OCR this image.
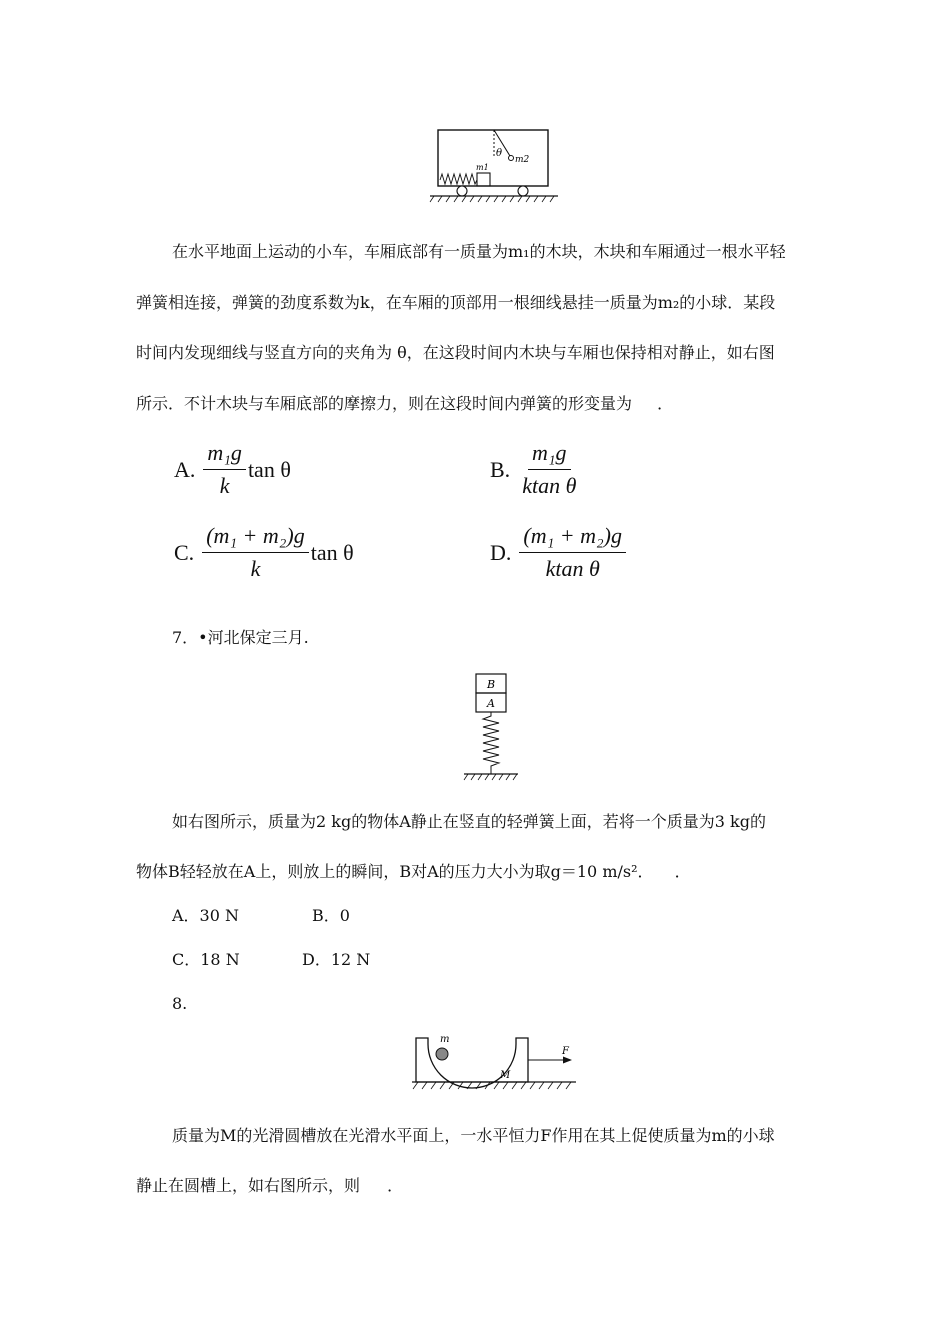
θ
m2
m1
在水平地面上运动的小车，车厢底部有一质量为m₁的木块，木块和车厢通过一根水平轻
弹簧相连接，弹簧的劲度系数为k，在车厢的顶部用一根细线悬挂一质量为m₂的小球．某段
时间内发现细线与竖直方向的夹角为 θ，在这段时间内木块与车厢也保持相对静止，如右图
所示．不计木块与车厢底部的摩擦力，则在这段时间内弹簧的形变量为 ．
A. $\frac{\text{m₁g}}{k}$ tan θ	B. $\frac{\text{m₁g}}{\text{ktan θ}}$
C. $\frac{\text{(m₁ + m₂)g}}{k}$ tan θ	D. $\frac{\text{(m₁ + m₂)g}}{\text{ktan θ}}$
7．•河北保定三月.
B
A
如右图所示，质量为2 kg的物体A静止在竖直的轻弹簧上面，若将一个质量为3 kg的
物体B轻轻放在A上，则放上的瞬间，B对A的压力大小为取g＝10 m/s²． ．
A．30 N	B．0
C．18 N	D．12 N
8.
m
M
F
质量为M的光滑圆槽放在光滑水平面上，一水平恒力F作用在其上促使质量为m的小球
静止在圆槽上，如右图所示，则 ．
